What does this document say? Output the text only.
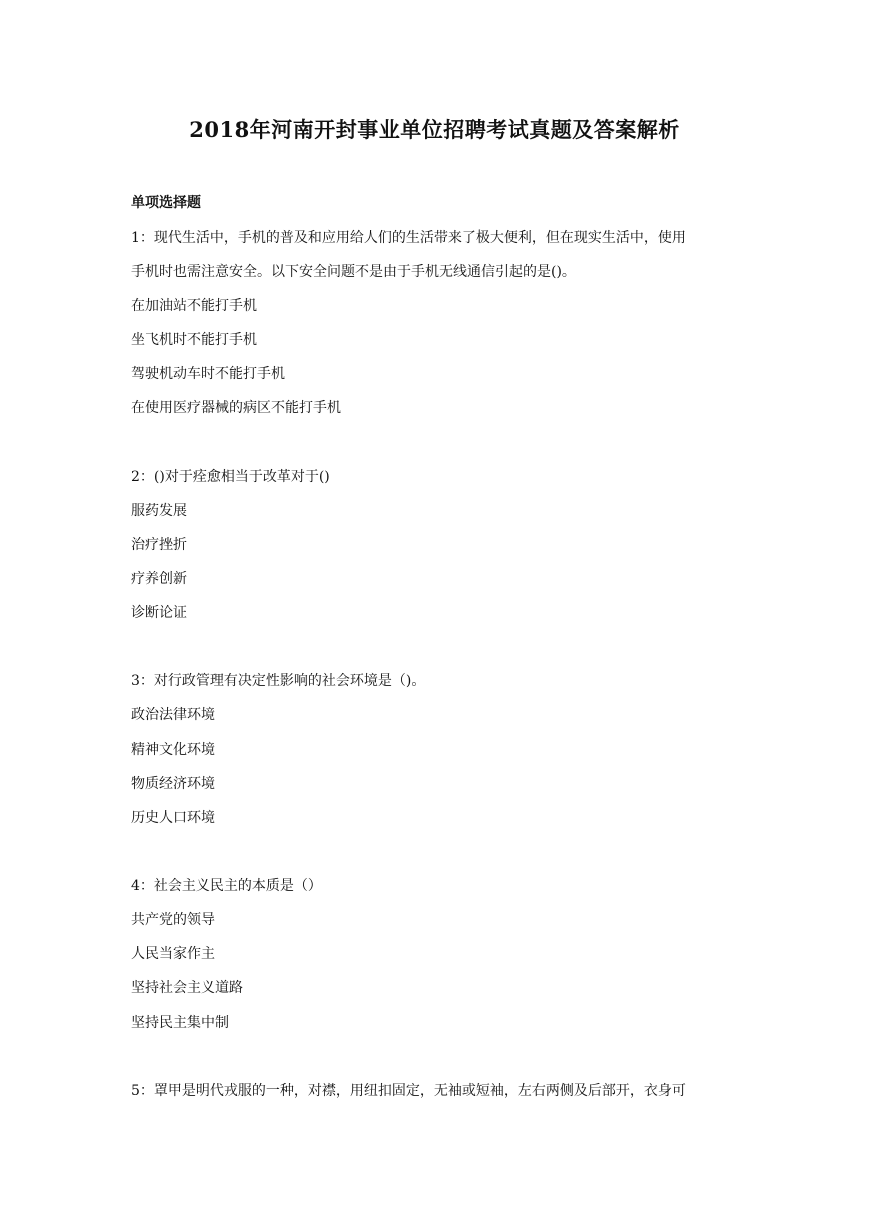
2018年河南开封事业单位招聘考试真题及答案解析
单项选择题
1：现代生活中，手机的普及和应用给人们的生活带来了极大便利，但在现实生活中，使用
手机时也需注意安全。以下安全问题不是由于手机无线通信引起的是()。
在加油站不能打手机
坐飞机时不能打手机
驾驶机动车时不能打手机
在使用医疗器械的病区不能打手机
2：()对于痊愈相当于改革对于()
服药发展
治疗挫折
疗养创新
诊断论证
3：对行政管理有决定性影响的社会环境是（)。
政治法律环境
精神文化环境
物质经济环境
历史人口环境
4：社会主义民主的本质是（）
共产党的领导
人民当家作主
坚持社会主义道路
坚持民主集中制
5：罩甲是明代戎服的一种，对襟，用纽扣固定，无袖或短袖，左右两侧及后部开，衣身可
